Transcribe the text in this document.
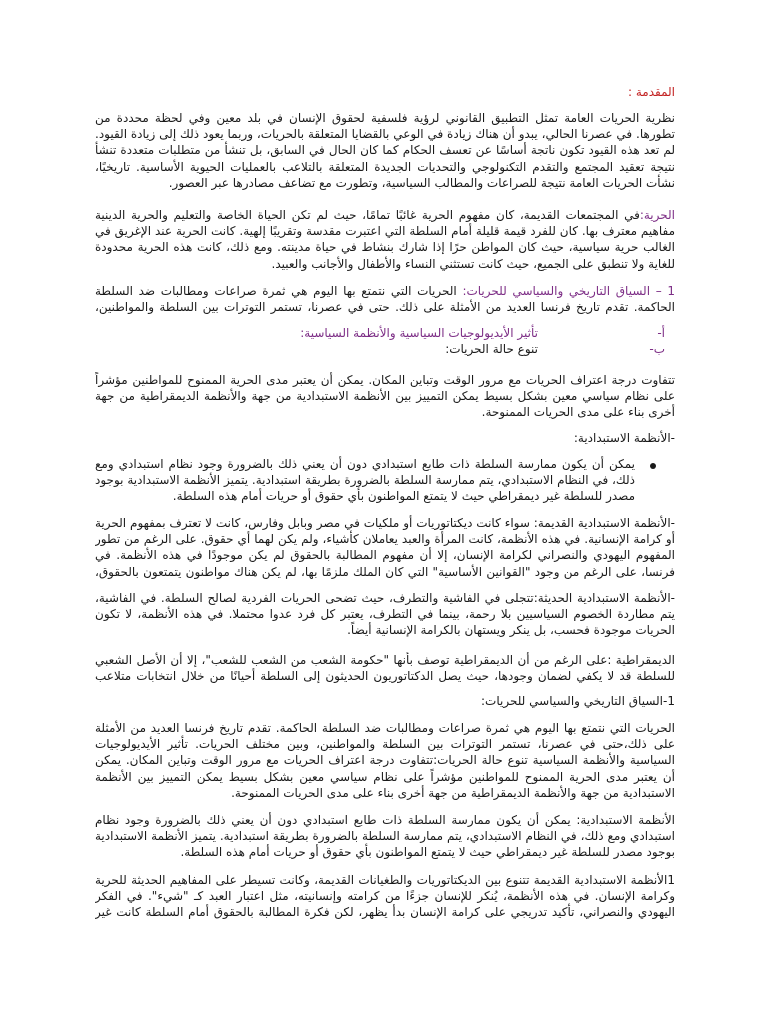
المقدمة :
نظرية الحريات العامة تمثل التطبيق القانوني لرؤية فلسفية لحقوق الإنسان في بلد معين وفي لحظة محددة من تطورها. في عصرنا الحالي، يبدو أن هناك زيادة في الوعي بالقضايا المتعلقة بالحريات، وربما يعود ذلك إلى زيادة القيود. لم تعد هذه القيود تكون ناتجة أساسًا عن تعسف الحكام كما كان الحال في السابق، بل تنشأ من متطلبات متعددة تنشأ نتيجة تعقيد المجتمع والتقدم التكنولوجي والتحديات الجديدة المتعلقة بالتلاعب بالعمليات الحيوية الأساسية. تاريخيًا، نشأت الحريات العامة نتيجة للصراعات والمطالب السياسية، وتطورت مع تضاعف مصادرها عبر العصور.
الحرية:في المجتمعات القديمة، كان مفهوم الحرية غائبًا تمامًا، حيث لم تكن الحياة الخاصة والتعليم والحرية الدينية مفاهيم معترف بها. كان للفرد قيمة قليلة أمام السلطة التي اعتبرت مقدسة وتقريبًا إلهية. كانت الحرية عند الإغريق في الغالب حرية سياسية، حيث كان المواطن حرًا إذا شارك بنشاط في حياة مدينته. ومع ذلك، كانت هذه الحرية محدودة للغاية ولا تنطبق على الجميع، حيث كانت تستثني النساء والأطفال والأجانب والعبيد.
1 – السياق التاريخي والسياسي للحريات: الحريات التي نتمتع بها اليوم هي ثمرة صراعات ومطالبات ضد السلطة الحاكمة. تقدم تاريخ فرنسا العديد من الأمثلة على ذلك. حتى في عصرنا، تستمر التوترات بين السلطة والمواطنين،
أ-
تأثير الأيديولوجيات السياسية والأنظمة السياسية:
ب-
تنوع حالة الحريات:
تتفاوت درجة اعتراف الحريات مع مرور الوقت وتباين المكان. يمكن أن يعتبر مدى الحرية الممنوح للمواطنين مؤشراً على نظام سياسي معين بشكل بسيط يمكن التمييز بين الأنظمة الاستبدادية من جهة والأنظمة الديمقراطية من جهة أخرى بناء على مدى الحريات الممنوحة.
-الأنظمة الاستبدادية:
يمكن أن يكون ممارسة السلطة ذات طابع استبدادي دون أن يعني ذلك بالضرورة وجود نظام استبدادي ومع ذلك، في النظام الاستبدادي، يتم ممارسة السلطة بالضرورة بطريقة استبدادية. يتميز الأنظمة الاستبدادية بوجود مصدر للسلطة غير ديمقراطي حيث لا يتمتع المواطنون بأي حقوق أو حريات أمام هذه السلطة.
-الأنظمة الاستبدادية القديمة: سواء كانت ديكتاتوريات أو ملكيات في مصر وبابل وفارس، كانت لا تعترف بمفهوم الحرية أو كرامة الإنسانية. في هذه الأنظمة، كانت المرأة والعبد يعاملان كأشياء، ولم يكن لهما أي حقوق. على الرغم من تطور المفهوم اليهودي والنصراني لكرامة الإنسان، إلا أن مفهوم المطالبة بالحقوق لم يكن موجودًا في هذه الأنظمة. في فرنسا، على الرغم من وجود "القوانين الأساسية" التي كان الملك ملزمًا بها، لم يكن هناك مواطنون يتمتعون بالحقوق،
-الأنظمة الاستبدادية الحديثة:تتجلى في الفاشية والتطرف، حيث تضحى الحريات الفردية لصالح السلطة. في الفاشية، يتم مطاردة الخصوم السياسيين بلا رحمة، بينما في التطرف، يعتبر كل فرد عدوا محتملا. في هذه الأنظمة، لا تكون الحريات موجودة فحسب، بل ينكر ويستهان بالكرامة الإنسانية أيضاً.
الديمقراطية :على الرغم من أن الديمقراطية توصف بأنها "حكومة الشعب من الشعب للشعب"، إلا أن الأصل الشعبي للسلطة قد لا يكفي لضمان وجودها، حيث يصل الدكتاتوريون الحديثون إلى السلطة أحيانًا من خلال انتخابات متلاعب
1-السياق التاريخي والسياسي للحريات:
الحريات التي نتمتع بها اليوم هي ثمرة صراعات ومطالبات ضد السلطة الحاكمة. تقدم تاريخ فرنسا العديد من الأمثلة على ذلك،حتى في عصرنا، تستمر التوترات بين السلطة والمواطنين، وبين مختلف الحريات. تأثير الأيديولوجيات السياسية والأنظمة السياسية تنوع حالة الحريات:تتفاوت درجة اعتراف الحريات مع مرور الوقت وتباين المكان. يمكن أن يعتبر مدى الحرية الممنوح للمواطنين مؤشراً على نظام سياسي معين بشكل بسيط يمكن التمييز بين الأنظمة الاستبدادية من جهة والأنظمة الديمقراطية من جهة أخرى بناء على مدى الحريات الممنوحة.
الأنظمة الاستبدادية: يمكن أن يكون ممارسة السلطة ذات طابع استبدادي دون أن يعني ذلك بالضرورة وجود نظام استبدادي ومع ذلك، في النظام الاستبدادي، يتم ممارسة السلطة بالضرورة بطريقة استبدادية. يتميز الأنظمة الاستبدادية بوجود مصدر للسلطة غير ديمقراطي حيث لا يتمتع المواطنون بأي حقوق أو حريات أمام هذه السلطة.
1الأنظمة الاستبدادية القديمة تتنوع بين الديكتاتوريات والطغيانات القديمة، وكانت تسيطر على المفاهيم الحديثة للحرية وكرامة الإنسان. في هذه الأنظمة، يُنكر للإنسان جزءًا من كرامته وإنسانيته، مثل اعتبار العبد كـ "شيء". في الفكر اليهودي والنصراني، تأكيد تدريجي على كرامة الإنسان بدأ يظهر، لكن فكرة المطالبة بالحقوق أمام السلطة كانت غير
